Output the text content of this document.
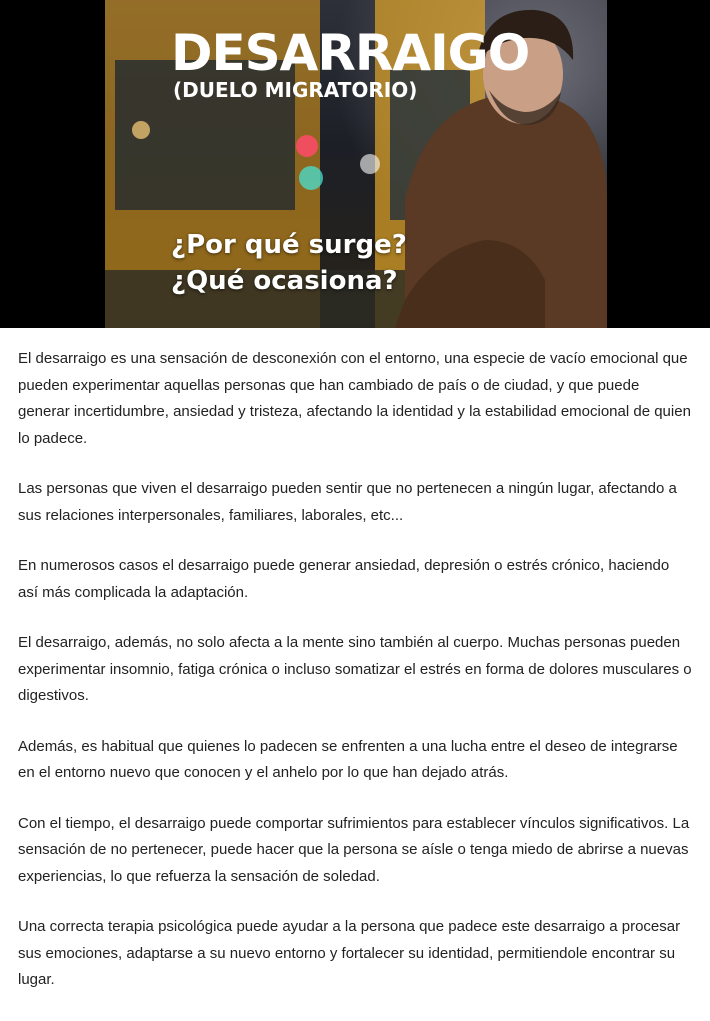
DESARRAIGO
(DUELO MIGRATORIO)
¿Por qué surge?
¿Qué ocasiona?

El desarraigo es una sensación de desconexión con el entorno, una especie de vacío emocional que pueden experimentar aquellas personas que han cambiado de país o de ciudad, y que puede generar incertidumbre, ansiedad y tristeza, afectando la identidad y la estabilidad emocional de quien lo padece.

Las personas que viven el desarraigo pueden sentir que no pertenecen a ningún lugar, afectando a sus relaciones interpersonales, familiares, laborales, etc...

En numerosos casos el desarraigo puede generar ansiedad, depresión o estrés crónico, haciendo así más complicada la adaptación.

El desarraigo, además, no solo afecta a la mente sino también al cuerpo. Muchas personas pueden experimentar insomnio, fatiga crónica o incluso somatizar el estrés en forma de dolores musculares o digestivos.

Además, es habitual que quienes lo padecen se enfrenten a una lucha entre el deseo de integrarse en el entorno nuevo que conocen y el anhelo por lo que han dejado atrás.

Con el tiempo, el desarraigo puede comportar sufrimientos para establecer vínculos significativos. La sensación de no pertenecer, puede hacer que la persona se aísle o tenga miedo de abrirse a nuevas experiencias, lo que refuerza la sensación de soledad.

Una correcta terapia psicológica puede ayudar a la persona que padece este desarraigo a procesar sus emociones, adaptarse a su nuevo entorno y fortalecer su identidad, permitiendole encontrar su lugar.
